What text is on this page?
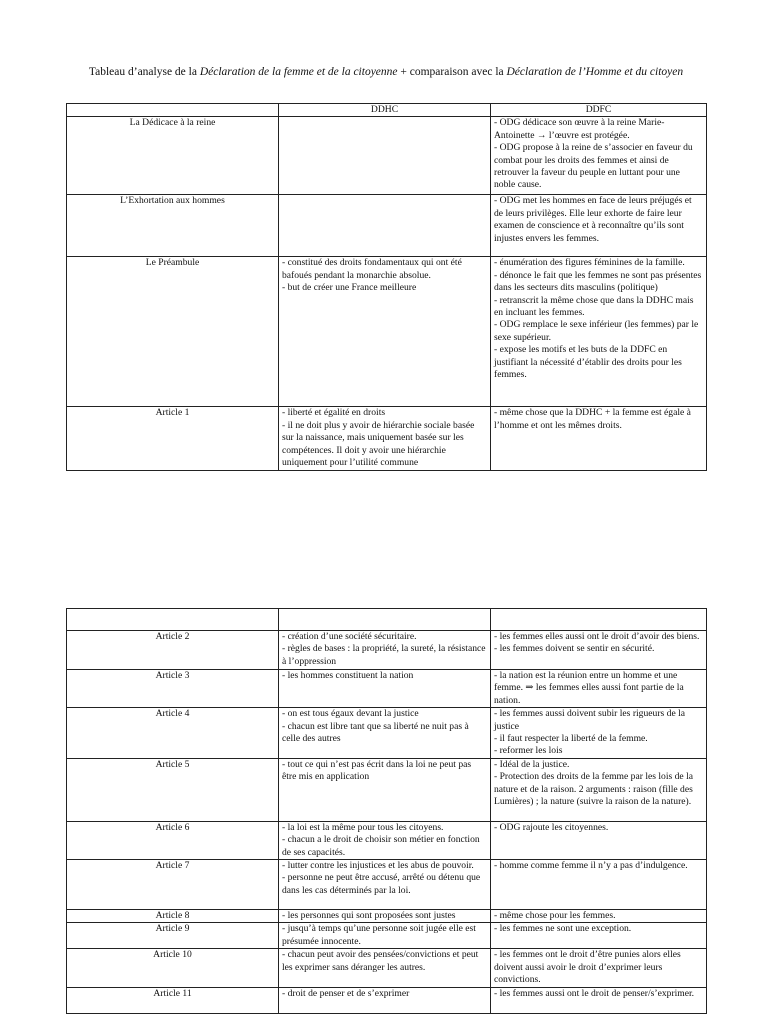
Tableau d’analyse de la Déclaration de la femme et de la citoyenne + comparaison avec la Déclaration de l’Homme et du citoyen
	DDHC	DDFC
La Dédicace à la reine		- ODG dédicace son œuvre à la reine Marie-Antoinette → l’œuvre est protégée.
- ODG propose à la reine de s’associer en faveur du combat pour les droits des femmes et ainsi de retrouver la faveur du peuple en luttant pour une noble cause.

L’Exhortation aux hommes		- ODG met les hommes en face de leurs préjugés et de leurs privilèges. Elle leur exhorte de faire leur examen de conscience et à reconnaître qu’ils sont injustes envers les femmes.

Le Préambule	- constitué des droits fondamentaux qui ont été bafoués pendant la monarchie absolue.
- but de créer une France meilleure	- énumération des figures féminines de la famille.
- dénonce le fait que les femmes ne sont pas présentes dans les secteurs dits masculins (politique)
- retranscrit la même chose que dans la DDHC mais en incluant les femmes.
- ODG remplace le sexe inférieur (les femmes) par le sexe supérieur.
- expose les motifs et les buts de la DDFC en justifiant la nécessité d’établir des droits pour les femmes.

Article 1	- liberté et égalité en droits
- il ne doit plus y avoir de hiérarchie sociale basée sur la naissance, mais uniquement basée sur les compétences. Il doit y avoir une hiérarchie uniquement pour l’utilité commune	- même chose que la DDHC + la femme est égale à l’homme et ont les mêmes droits.

Article 2	- création d’une société sécuritaire.
- règles de bases : la propriété, la sureté, la résistance à l’oppression	- les femmes elles aussi ont le droit d’avoir des biens.
- les femmes doivent se sentir en sécurité.

Article 3	- les hommes constituent la nation	- la nation est la réunion entre un homme et une femme. ⇒ les femmes elles aussi font partie de la nation.

Article 4	- on est tous égaux devant la justice
- chacun est libre tant que sa liberté ne nuit pas à celle des autres	- les femmes aussi doivent subir les rigueurs de la justice
- il faut respecter la liberté de la femme.
- reformer les lois

Article 5	- tout ce qui n’est pas écrit dans la loi ne peut pas être mis en application	- Idéal de la justice.
- Protection des droits de la femme par les lois de la nature et de la raison. 2 arguments : raison (fille des Lumières) ; la nature (suivre la raison de la nature).

Article 6	- la loi est la même pour tous les citoyens.
- chacun a le droit de choisir son métier en fonction de ses capacités.	- ODG rajoute les citoyennes.

Article 7	- lutter contre les injustices et les abus de pouvoir.
- personne ne peut être accusé, arrêté ou détenu que dans les cas déterminés par la loi.	- homme comme femme il n’y a pas d’indulgence.

Article 8	- les personnes qui sont proposées sont justes	- même chose pour les femmes.

Article 9	- jusqu’à temps qu’une personne soit jugée elle est présumée innocente.	- les femmes ne sont une exception.

Article 10	- chacun peut avoir des pensées/convictions et peut les exprimer sans déranger les autres.	- les femmes ont le droit d’être punies alors elles doivent aussi avoir le droit d’exprimer leurs convictions.

Article 11	- droit de penser et de s’exprimer	- les femmes aussi ont le droit de penser/s’exprimer.
